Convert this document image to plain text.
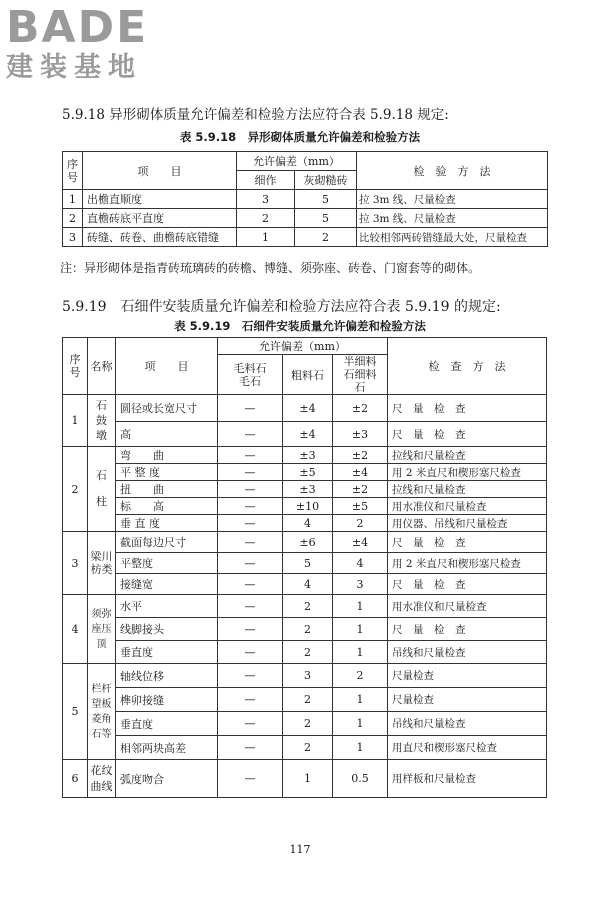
BADE
建装基地
5.9.18 异形砌体质量允许偏差和检验方法应符合表 5.9.18 规定:
表 5.9.18　异形砌体质量允许偏差和检验方法
序号	项　　目	允许偏差（mm）		检　验　方　法
		细作	灰砌糙砖	
1	出檐直顺度	3	5	拉 3m 线、尺量检查
2	直檐砖底平直度	2	5	拉 3m 线、尺量检查
3	砖缝、砖卷、曲檐砖底错缝	1	2	比较相邻两砖错缝最大处，尺量检查
注：异形砌体是指青砖琉璃砖的砖檐、博缝、须弥座、砖卷、门窗套等的砌体。
5.9.19　石细件安装质量允许偏差和检验方法应符合表 5.9.19 的规定:
表 5.9.19　石细件安装质量允许偏差和检验方法
序号	名称	项　　目	允许偏差（mm）			检　查　方　法
			毛料石毛石	粗料石	半细料石细料石	
1	石鼓墩	圆径或长宽尺寸	—	±4	±2	尺　量　检　查
		高	—	±4	±3	尺　量　检　查
2	石柱	弯　　曲	—	±3	±2	拉线和尺量检查
		平 整 度	—	±5	±4	用 2 米直尺和楔形塞尺检查
		扭　　曲	—	±3	±2	拉线和尺量检查
		标　　高	—	±10	±5	用水准仪和尺量检查
		垂 直 度	—	4	2	用仪器、吊线和尺量检查
3	梁川枋类	截面每边尺寸	—	±6	±4	尺　量　检　查
		平整度	—	5	4	用 2 米直尺和楔形塞尺检查
		接缝宽	—	4	3	尺　量　检　查
4	须弥座压顶	水平	—	2	1	用水准仪和尺量检查
		线脚接头	—	2	1	尺　量　检　查
		垂直度	—	2	1	吊线和尺量检查
5	栏杆望板菱角石等	轴线位移	—	3	2	尺量检查
		榫卯接缝	—	2	1	尺量检查
		垂直度	—	2	1	吊线和尺量检查
		相邻两块高差	—	2	1	用直尺和楔形塞尺检查
6	花纹曲线	弧度吻合	—	1	0.5	用样板和尺量检查
117
